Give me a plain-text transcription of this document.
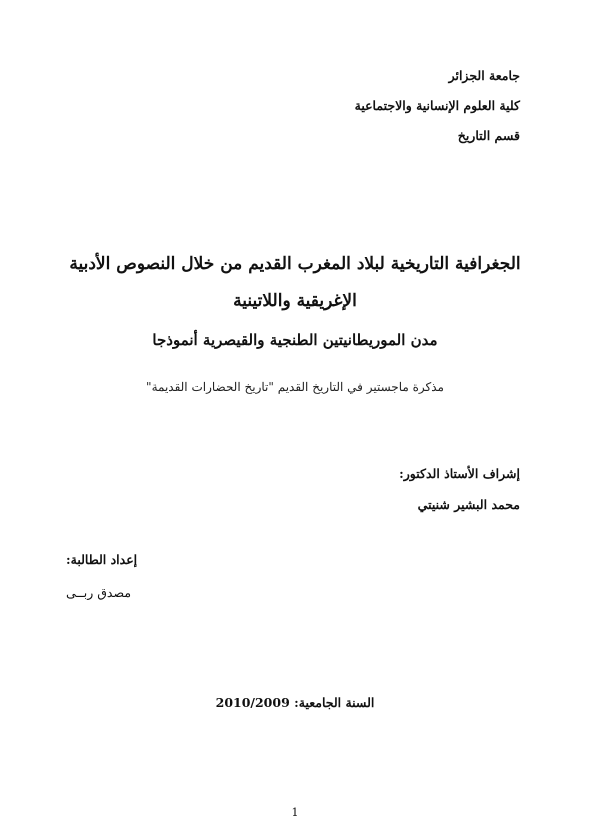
جامعة الجزائر
كلية العلوم الإنسانية والاجتماعية
قسم التاريخ
الجغرافية التاريخية لبلاد المغرب القديم من خلال النصوص الأدبية
الإغريقية واللاتينية
مدن الموريطانيتين الطنجية والقيصرية أنموذجا
مذكرة ماجستير في التاريخ القديم "تاريخ الحضارات القديمة"
إشراف الأستاذ الدكتور:
محمد البشير شنيتي
إعداد الطالبة:
مصدق ربــى
السنة الجامعية: 2010/2009
1
